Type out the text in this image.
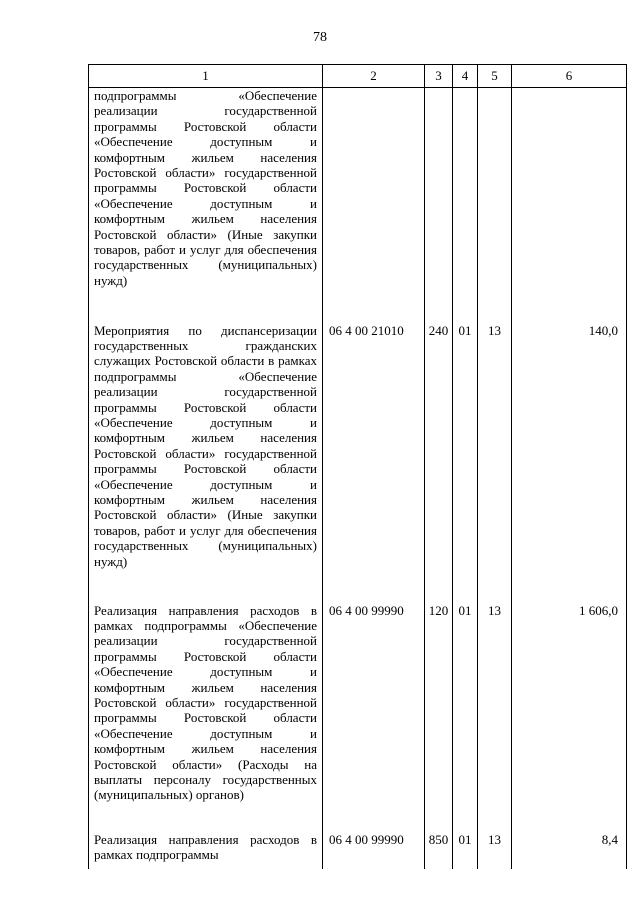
78
1	2	3	4	5	6
подпрограммы «Обеспечение реализации государственной программы Ростовской области «Обеспечение доступным и комфортным жильем населения Ростовской области» государственной программы Ростовской области «Обеспечение доступным и комфортным жильем населения Ростовской области» (Иные закупки товаров, работ и услуг для обеспечения государственных (муниципальных) нужд)					
Мероприятия по диспансеризации государственных гражданских служащих Ростовской области в рамках подпрограммы «Обеспечение реализации государственной программы Ростовской области «Обеспечение доступным и комфортным жильем населения Ростовской области» государственной программы Ростовской области «Обеспечение доступным и комфортным жильем населения Ростовской области» (Иные закупки товаров, работ и услуг для обеспечения государственных (муниципальных) нужд)	06 4 00 21010	240	01	13	140,0
Реализация направления расходов в рамках подпрограммы «Обеспечение реализации государственной программы Ростовской области «Обеспечение доступным и комфортным жильем населения Ростовской области» государственной программы Ростовской области «Обеспечение доступным и комфортным жильем населения Ростовской области» (Расходы на выплаты персоналу государственных (муниципальных) органов)	06 4 00 99990	120	01	13	1 606,0
Реализация направления расходов в рамках подпрограммы	06 4 00 99990	850	01	13	8,4
